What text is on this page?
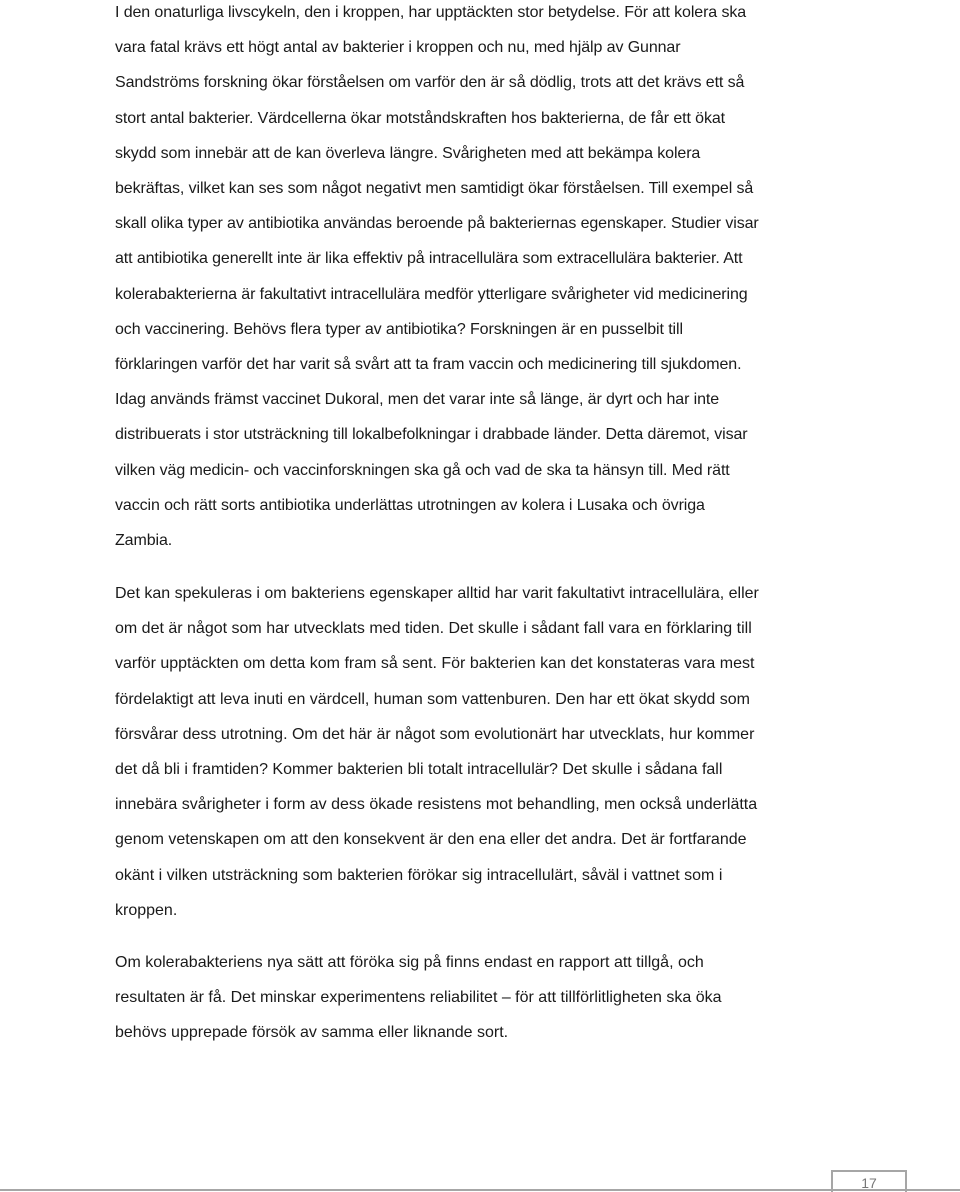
I den onaturliga livscykeln, den i kroppen, har upptäckten stor betydelse. För att kolera ska
vara fatal krävs ett högt antal av bakterier i kroppen och nu, med hjälp av Gunnar
Sandströms forskning ökar förståelsen om varför den är så dödlig, trots att det krävs ett så
stort antal bakterier. Värdcellerna ökar motståndskraften hos bakterierna, de får ett ökat
skydd som innebär att de kan överleva längre. Svårigheten med att bekämpa kolera
bekräftas, vilket kan ses som något negativt men samtidigt ökar förståelsen. Till exempel så
skall olika typer av antibiotika användas beroende på bakteriernas egenskaper. Studier visar
att antibiotika generellt inte är lika effektiv på intracellulära som extracellulära bakterier. Att
kolerabakterierna är fakultativt intracellulära medför ytterligare svårigheter vid medicinering
och vaccinering. Behövs flera typer av antibiotika? Forskningen är en pusselbit till
förklaringen varför det har varit så svårt att ta fram vaccin och medicinering till sjukdomen.
Idag används främst vaccinet Dukoral, men det varar inte så länge, är dyrt och har inte
distribuerats i stor utsträckning till lokalbefolkningar i drabbade länder. Detta däremot, visar
vilken väg medicin- och vaccinforskningen ska gå och vad de ska ta hänsyn till. Med rätt
vaccin och rätt sorts antibiotika underlättas utrotningen av kolera i Lusaka och övriga
Zambia.

Det kan spekuleras i om bakteriens egenskaper alltid har varit fakultativt intracellulära, eller
om det är något som har utvecklats med tiden. Det skulle i sådant fall vara en förklaring till
varför upptäckten om detta kom fram så sent. För bakterien kan det konstateras vara mest
fördelaktigt att leva inuti en värdcell, human som vattenburen. Den har ett ökat skydd som
försvårar dess utrotning. Om det här är något som evolutionärt har utvecklats, hur kommer
det då bli i framtiden? Kommer bakterien bli totalt intracellulär? Det skulle i sådana fall
innebära svårigheter i form av dess ökade resistens mot behandling, men också underlätta
genom vetenskapen om att den konsekvent är den ena eller det andra. Det är fortfarande
okänt i vilken utsträckning som bakterien förökar sig intracellulärt, såväl i vattnet som i
kroppen.

Om kolerabakteriens nya sätt att föröka sig på finns endast en rapport att tillgå, och
resultaten är få. Det minskar experimentens reliabilitet – för att tillförlitligheten ska öka
behövs upprepade försök av samma eller liknande sort.

17
